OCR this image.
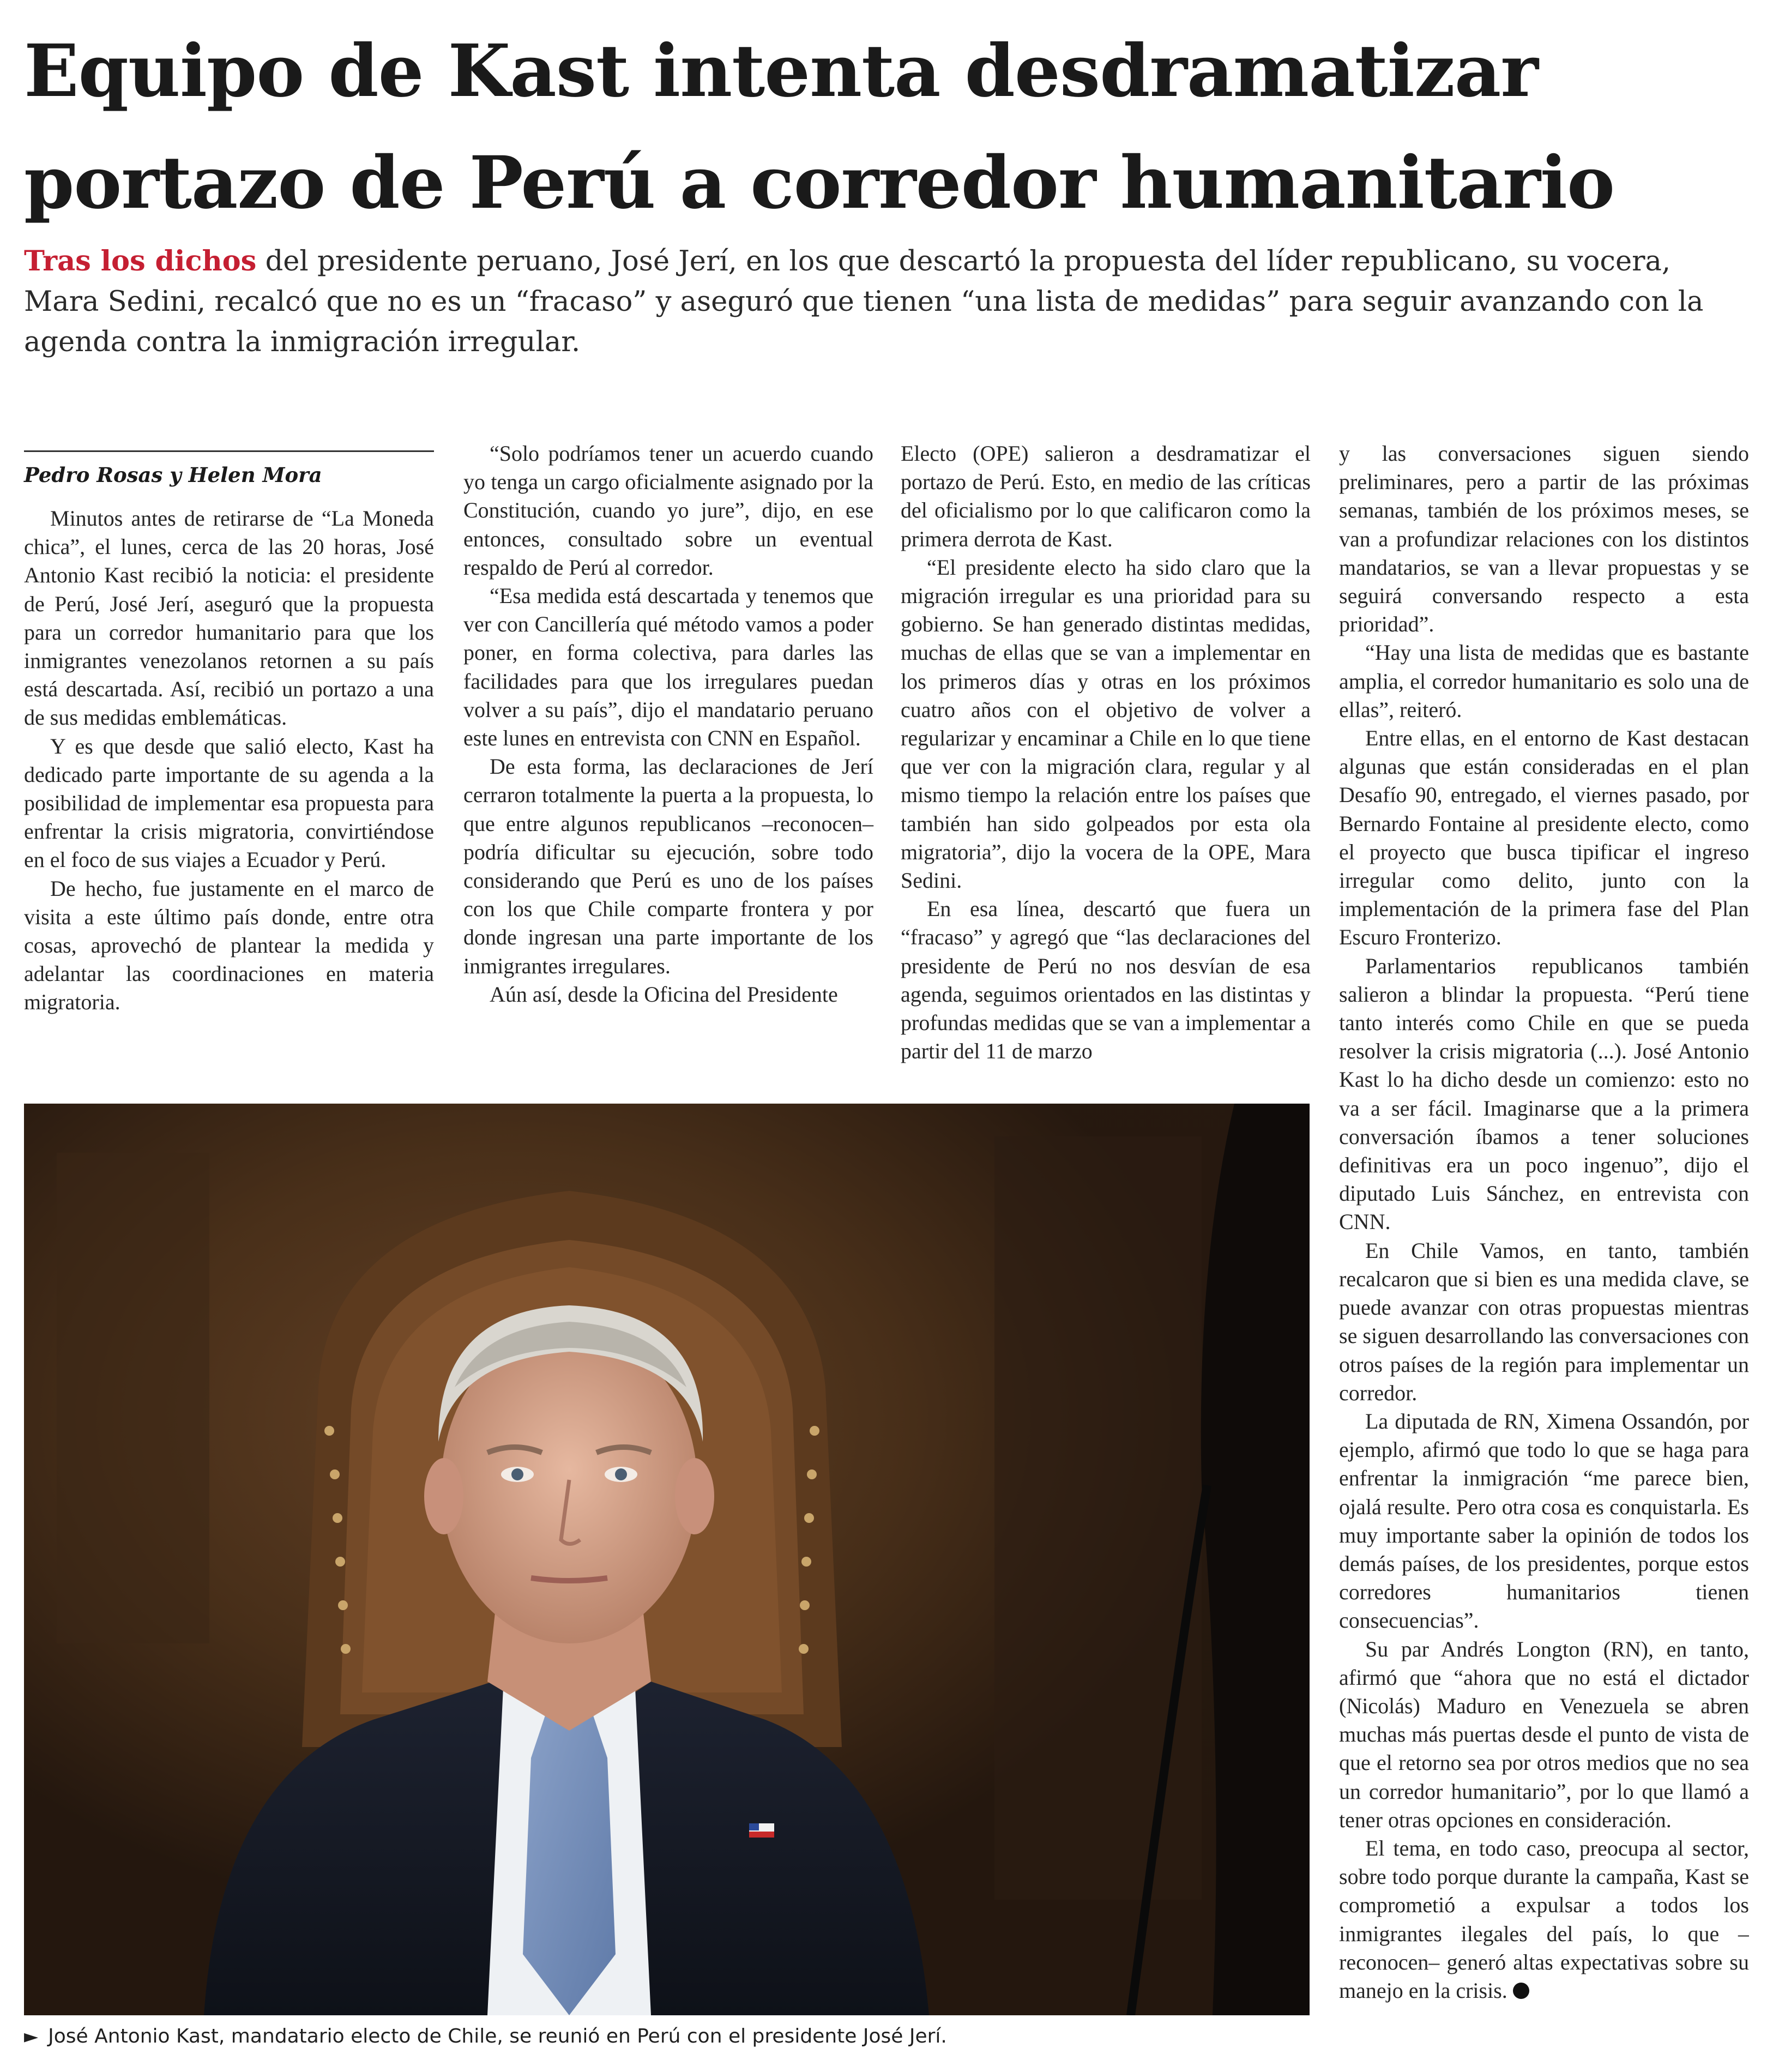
Equipo de Kast intenta desdramatizar
portazo de Perú a corredor humanitario

Tras los dichos del presidente peruano, José Jerí, en los que descartó la propuesta del líder republicano, su vocera, Mara Sedini, recalcó que no es un “fracaso” y aseguró que tienen “una lista de medidas” para seguir avanzando con la agenda contra la inmigración irregular.

Pedro Rosas y Helen Mora

Minutos antes de retirarse de “La Moneda chica”, el lunes, cerca de las 20 horas, José Antonio Kast recibió la noticia: el presidente de Perú, José Jerí, aseguró que la propuesta para un corredor humanitario para que los inmigrantes venezolanos retornen a su país está descartada. Así, recibió un portazo a una de sus medidas emblemáticas.

Y es que desde que salió electo, Kast ha dedicado parte importante de su agenda a la posibilidad de implementar esa propuesta para enfrentar la crisis migratoria, convirtiéndose en el foco de sus viajes a Ecuador y Perú.

De hecho, fue justamente en el marco de visita a este último país donde, entre otra cosas, aprovechó de plantear la medida y adelantar las coordinaciones en materia migratoria.

“Solo podríamos tener un acuerdo cuando yo tenga un cargo oficialmente asignado por la Constitución, cuando yo jure”, dijo, en ese entonces, consultado sobre un eventual respaldo de Perú al corredor.

“Esa medida está descartada y tenemos que ver con Cancillería qué método vamos a poder poner, en forma colectiva, para darles las facilidades para que los irregulares puedan volver a su país”, dijo el mandatario peruano este lunes en entrevista con CNN en Español.

De esta forma, las declaraciones de Jerí cerraron totalmente la puerta a la propuesta, lo que entre algunos republicanos –reconocen– podría dificultar su ejecución, sobre todo considerando que Perú es uno de los países con los que Chile comparte frontera y por donde ingresan una parte importante de los inmigrantes irregulares.

Aún así, desde la Oficina del Presidente

Electo (OPE) salieron a desdramatizar el portazo de Perú. Esto, en medio de las críticas del oficialismo por lo que calificaron como la primera derrota de Kast.

“El presidente electo ha sido claro que la migración irregular es una prioridad para su gobierno. Se han generado distintas medidas, muchas de ellas que se van a implementar en los primeros días y otras en los próximos cuatro años con el objetivo de volver a regularizar y encaminar a Chile en lo que tiene que ver con la migración clara, regular y al mismo tiempo la relación entre los países que también han sido golpeados por esta ola migratoria”, dijo la vocera de la OPE, Mara Sedini.

En esa línea, descartó que fuera un “fracaso” y agregó que “las declaraciones del presidente de Perú no nos desvían de esa agenda, seguimos orientados en las distintas y profundas medidas que se van a implementar a partir del 11 de marzo

y las conversaciones siguen siendo preliminares, pero a partir de las próximas semanas, también de los próximos meses, se van a profundizar relaciones con los distintos mandatarios, se van a llevar propuestas y se seguirá conversando respecto a esta prioridad”.

“Hay una lista de medidas que es bastante amplia, el corredor humanitario es solo una de ellas”, reiteró.

Entre ellas, en el entorno de Kast destacan algunas que están consideradas en el plan Desafío 90, entregado, el viernes pasado, por Bernardo Fontaine al presidente electo, como el proyecto que busca tipificar el ingreso irregular como delito, junto con la implementación de la primera fase del Plan Escuro Fronterizo.

Parlamentarios republicanos también salieron a blindar la propuesta. “Perú tiene tanto interés como Chile en que se pueda resolver la crisis migratoria (...). José Antonio Kast lo ha dicho desde un comienzo: esto no va a ser fácil. Imaginarse que a la primera conversación íbamos a tener soluciones definitivas era un poco ingenuo”, dijo el diputado Luis Sánchez, en entrevista con CNN.

En Chile Vamos, en tanto, también recalcaron que si bien es una medida clave, se puede avanzar con otras propuestas mientras se siguen desarrollando las conversaciones con otros países de la región para implementar un corredor.

La diputada de RN, Ximena Ossandón, por ejemplo, afirmó que todo lo que se haga para enfrentar la inmigración “me parece bien, ojalá resulte. Pero otra cosa es conquistarla. Es muy importante saber la opinión de todos los demás países, de los presidentes, porque estos corredores humanitarios tienen consecuencias”.

Su par Andrés Longton (RN), en tanto, afirmó que “ahora que no está el dictador (Nicolás) Maduro en Venezuela se abren muchas más puertas desde el punto de vista de que el retorno sea por otros medios que no sea un corredor humanitario”, por lo que llamó a tener otras opciones en consideración.

El tema, en todo caso, preocupa al sector, sobre todo porque durante la campaña, Kast se comprometió a expulsar a todos los inmigrantes ilegales del país, lo que –reconocen– generó altas expectativas sobre su manejo en la crisis.

► José Antonio Kast, mandatario electo de Chile, se reunió en Perú con el presidente José Jerí.
